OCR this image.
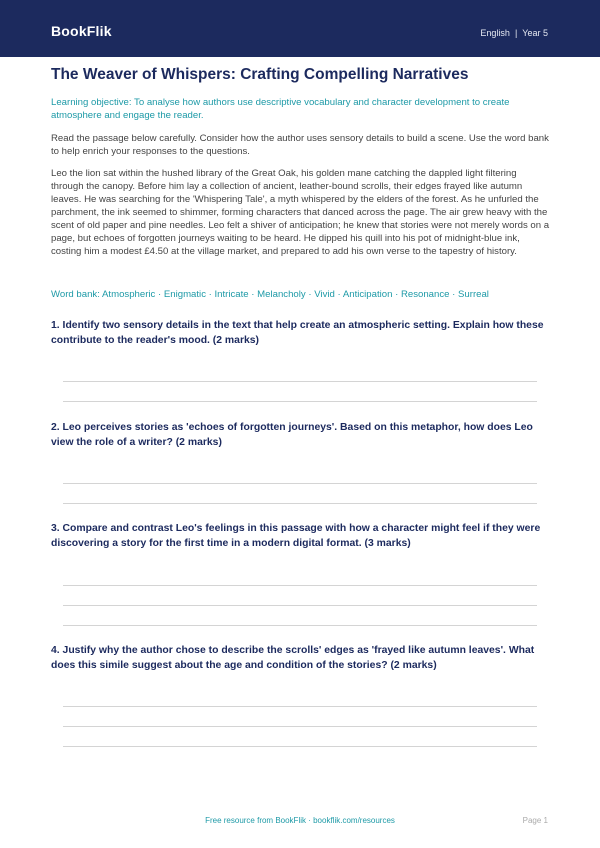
BookFlik	English | Year 5
The Weaver of Whispers: Crafting Compelling Narratives
Learning objective: To analyse how authors use descriptive vocabulary and character development to create atmosphere and engage the reader.
Read the passage below carefully. Consider how the author uses sensory details to build a scene. Use the word bank to help enrich your responses to the questions.
Leo the lion sat within the hushed library of the Great Oak, his golden mane catching the dappled light filtering through the canopy. Before him lay a collection of ancient, leather-bound scrolls, their edges frayed like autumn leaves. He was searching for the 'Whispering Tale', a myth whispered by the elders of the forest. As he unfurled the parchment, the ink seemed to shimmer, forming characters that danced across the page. The air grew heavy with the scent of old paper and pine needles. Leo felt a shiver of anticipation; he knew that stories were not merely words on a page, but echoes of forgotten journeys waiting to be heard. He dipped his quill into his pot of midnight-blue ink, costing him a modest £4.50 at the village market, and prepared to add his own verse to the tapestry of history.
Word bank: Atmospheric · Enigmatic · Intricate · Melancholy · Vivid · Anticipation · Resonance · Surreal
1. Identify two sensory details in the text that help create an atmospheric setting. Explain how these contribute to the reader's mood. (2 marks)
2. Leo perceives stories as 'echoes of forgotten journeys'. Based on this metaphor, how does Leo view the role of a writer? (2 marks)
3. Compare and contrast Leo's feelings in this passage with how a character might feel if they were discovering a story for the first time in a modern digital format. (3 marks)
4. Justify why the author chose to describe the scrolls' edges as 'frayed like autumn leaves'. What does this simile suggest about the age and condition of the stories? (2 marks)
Free resource from BookFlik · bookflik.com/resources	Page 1
